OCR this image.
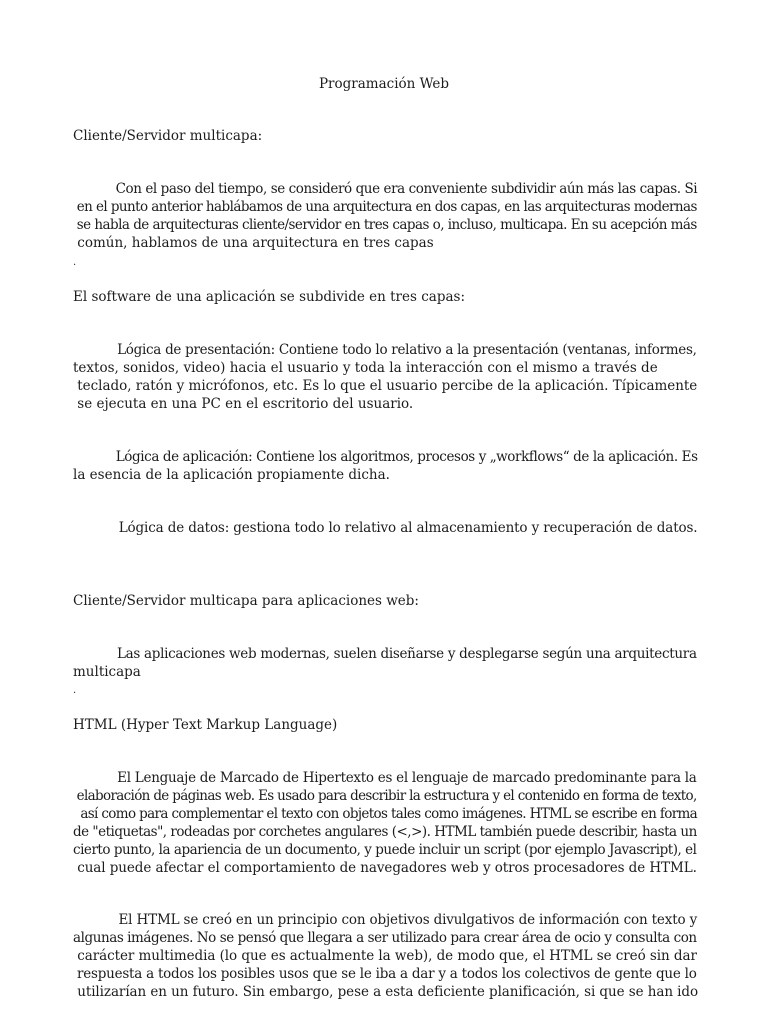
Programación Web
Cliente/Servidor multicapa:
Con el paso del tiempo, se consideró que era conveniente subdividir aún más las capas. Si
en el punto anterior hablábamos de una arquitectura en dos capas, en las arquitecturas modernas
se habla de arquitecturas cliente/servidor en tres capas o, incluso, multicapa. En su acepción más
común, hablamos de una arquitectura en tres capas
.
El software de una aplicación se subdivide en tres capas:
Lógica de presentación: Contiene todo lo relativo a la presentación (ventanas, informes,
textos, sonidos, video) hacia el usuario y toda la interacción con el mismo a través de
teclado, ratón y micrófonos, etc. Es lo que el usuario percibe de la aplicación. Típicamente
se ejecuta en una PC en el escritorio del usuario.
Lógica de aplicación: Contiene los algoritmos, procesos y „workflows“ de la aplicación. Es
la esencia de la aplicación propiamente dicha.
Lógica de datos: gestiona todo lo relativo al almacenamiento y recuperación de datos.
Cliente/Servidor multicapa para aplicaciones web:
Las aplicaciones web modernas, suelen diseñarse y desplegarse según una arquitectura
multicapa
.
HTML (Hyper Text Markup Language)
El Lenguaje de Marcado de Hipertexto es el lenguaje de marcado predominante para la
elaboración de páginas web. Es usado para describir la estructura y el contenido en forma de texto,
así como para complementar el texto con objetos tales como imágenes. HTML se escribe en forma
de "etiquetas", rodeadas por corchetes angulares (<,>). HTML también puede describir, hasta un
cierto punto, la apariencia de un documento, y puede incluir un script (por ejemplo Javascript), el
cual puede afectar el comportamiento de navegadores web y otros procesadores de HTML.
El HTML se creó en un principio con objetivos divulgativos de información con texto y
algunas imágenes. No se pensó que llegara a ser utilizado para crear área de ocio y consulta con
carácter multimedia (lo que es actualmente la web), de modo que, el HTML se creó sin dar
respuesta a todos los posibles usos que se le iba a dar y a todos los colectivos de gente que lo
utilizarían en un futuro. Sin embargo, pese a esta deficiente planificación, si que se han ido
